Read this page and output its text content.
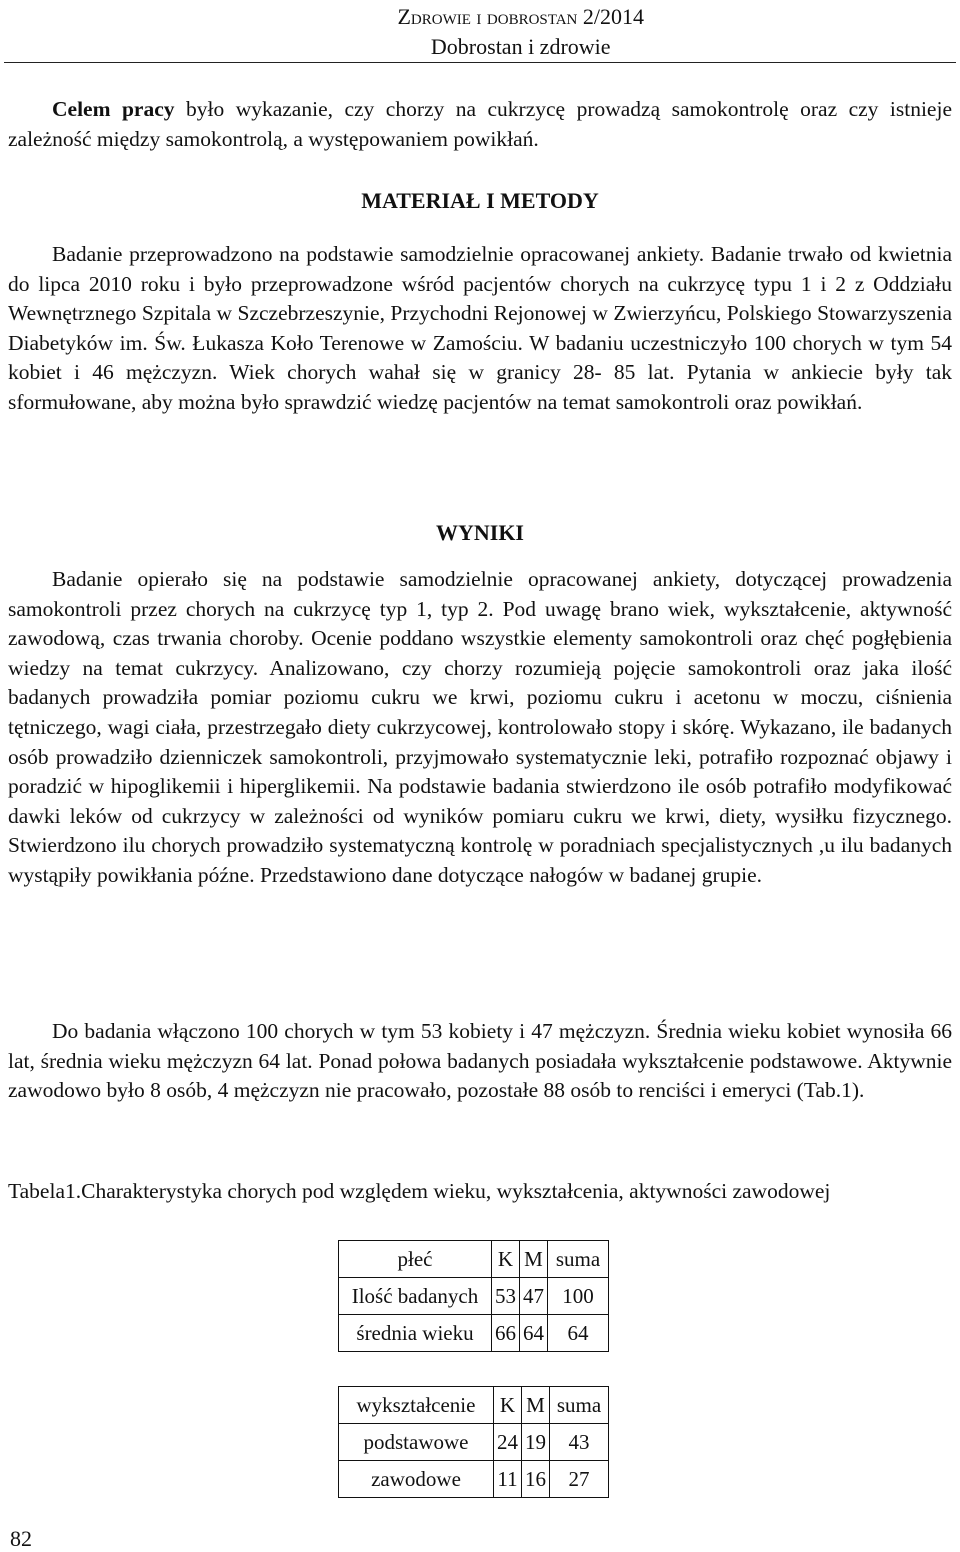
Zdrowie i dobrostan 2/2014
Dobrostan i zdrowie
Celem pracy było wykazanie, czy chorzy na cukrzycę prowadzą samokontrolę oraz czy istnieje zależność między samokontrolą, a występowaniem powikłań.
MATERIAŁ I METODY
Badanie przeprowadzono na podstawie samodzielnie opracowanej ankiety. Badanie trwało od kwietnia do lipca 2010 roku i było przeprowadzone wśród pacjentów chorych na cukrzycę typu 1 i 2 z Oddziału Wewnętrznego Szpitala w Szczebrzeszynie, Przychodni Rejonowej w Zwierzyńcu, Polskiego Stowarzyszenia Diabetyków im. Św. Łukasza Koło Terenowe w Zamościu. W badaniu uczestniczyło 100 chorych w tym 54 kobiet i 46 mężczyzn. Wiek chorych wahał się w granicy 28- 85 lat. Pytania w ankiecie były tak sformułowane, aby można było sprawdzić wiedzę pacjentów na temat samokontroli oraz powikłań.
WYNIKI
Badanie opierało się na podstawie samodzielnie opracowanej ankiety, dotyczącej prowadzenia samokontroli przez chorych na cukrzycę typ 1, typ 2. Pod uwagę brano wiek, wykształcenie, aktywność zawodową, czas trwania choroby. Ocenie poddano wszystkie elementy samokontroli oraz chęć pogłębienia wiedzy na temat cukrzycy. Analizowano, czy chorzy rozumieją pojęcie samokontroli oraz jaka ilość badanych prowadziła pomiar poziomu cukru we krwi, poziomu cukru i acetonu w moczu, ciśnienia tętniczego, wagi ciała, przestrzegało diety cukrzycowej, kontrolowało stopy i skórę. Wykazano, ile badanych osób prowadziło dzienniczek samokontroli, przyjmowało systematycznie leki, potrafiło rozpoznać objawy i poradzić w hipoglikemii i hiperglikemii. Na podstawie badania stwierdzono ile osób potrafiło modyfikować dawki leków od cukrzycy w zależności od wyników pomiaru cukru we krwi, diety, wysiłku fizycznego. Stwierdzono ilu chorych prowadziło systematyczną kontrolę w poradniach specjalistycznych ,u ilu badanych wystąpiły powikłania późne. Przedstawiono dane dotyczące nałogów w badanej grupie.
Do badania włączono 100 chorych w tym 53 kobiety i 47 mężczyzn. Średnia wieku kobiet wynosiła 66 lat, średnia wieku mężczyzn 64 lat. Ponad połowa badanych posiadała wykształcenie podstawowe. Aktywnie zawodowo było 8 osób, 4 mężczyzn nie pracowało, pozostałe 88 osób to renciści i emeryci (Tab.1).
Tabela1.Charakterystyka chorych pod względem wieku, wykształcenia, aktywności zawodowej
płeć	K	M	suma
Ilość badanych	53	47	100
średnia wieku	66	64	64
wykształcenie	K	M	suma
podstawowe	24	19	43
zawodowe	11	16	27
82
